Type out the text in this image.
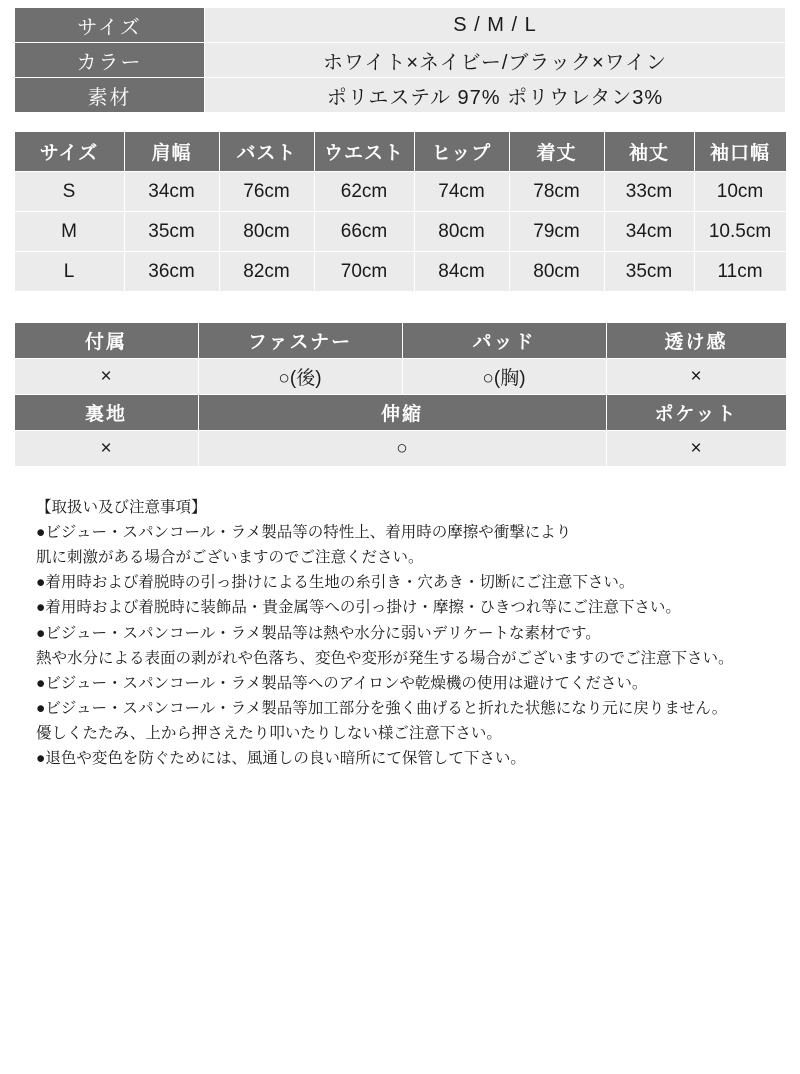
サイズ	S / M / L
カラー	ホワイト×ネイビー/ブラック×ワイン
素材	ポリエステル 97% ポリウレタン3%
サイズ	肩幅	バスト	ウエスト	ヒップ	着丈	袖丈	袖口幅
S	34cm	76cm	62cm	74cm	78cm	33cm	10cm
M	35cm	80cm	66cm	80cm	79cm	34cm	10.5cm
L	36cm	82cm	70cm	84cm	80cm	35cm	11cm
付属	ファスナー	パッド	透け感
×	○(後)	○(胸)	×
裏地	伸縮		ポケット
×	○		×
【取扱い及び注意事項】
●ビジュー・スパンコール・ラメ製品等の特性上、着用時の摩擦や衝撃により
肌に刺激がある場合がございますのでご注意ください。
●着用時および着脱時の引っ掛けによる生地の糸引き・穴あき・切断にご注意下さい。
●着用時および着脱時に装飾品・貴金属等への引っ掛け・摩擦・ひきつれ等にご注意下さい。
●ビジュー・スパンコール・ラメ製品等は熱や水分に弱いデリケートな素材です。
熱や水分による表面の剥がれや色落ち、変色や変形が発生する場合がございますのでご注意下さい。
●ビジュー・スパンコール・ラメ製品等へのアイロンや乾燥機の使用は避けてください。
●ビジュー・スパンコール・ラメ製品等加工部分を強く曲げると折れた状態になり元に戻りません。
優しくたたみ、上から押さえたり叩いたりしない様ご注意下さい。
●退色や変色を防ぐためには、風通しの良い暗所にて保管して下さい。
